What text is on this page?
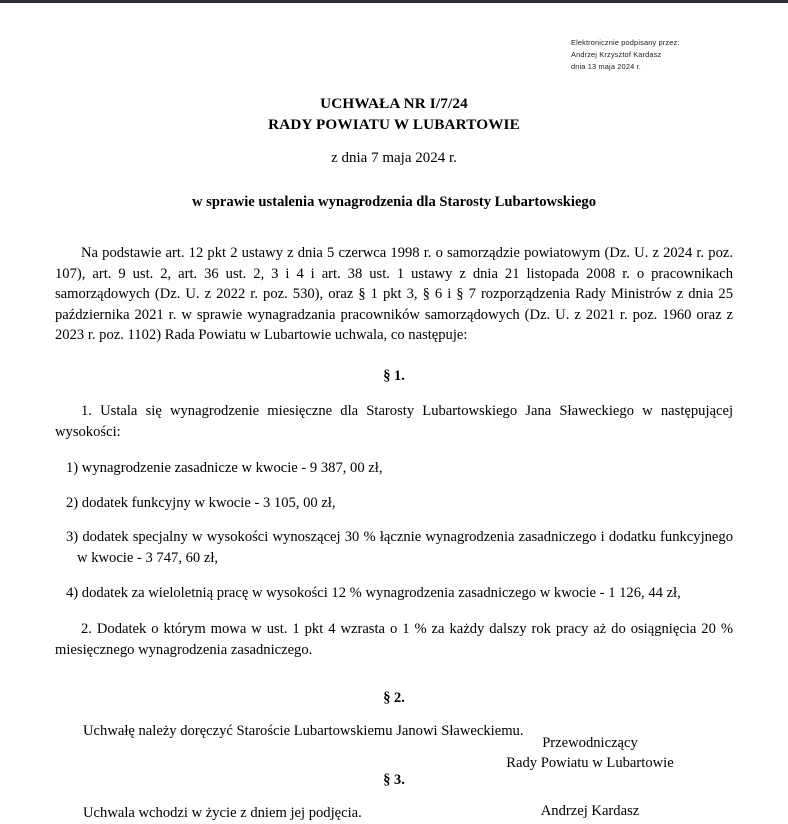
Elektronicznie podpisany przez:
Andrzej Krzysztof Kardasz
dnia 13 maja 2024 r.
UCHWAŁA NR I/7/24
RADY POWIATU W LUBARTOWIE
z dnia 7 maja 2024 r.
w sprawie ustalenia wynagrodzenia dla Starosty Lubartowskiego
Na podstawie art. 12 pkt 2 ustawy z dnia 5 czerwca 1998 r. o samorządzie powiatowym (Dz. U. z 2024 r. poz. 107), art. 9 ust. 2, art. 36 ust. 2, 3 i 4 i art. 38 ust. 1 ustawy z dnia 21 listopada 2008 r. o pracownikach samorządowych (Dz. U. z 2022 r. poz. 530), oraz § 1 pkt 3, § 6 i § 7 rozporządzenia Rady Ministrów z dnia 25 października 2021 r. w sprawie wynagradzania pracowników samorządowych (Dz. U. z 2021 r. poz. 1960 oraz z 2023 r. poz. 1102) Rada Powiatu w Lubartowie uchwala, co następuje:
§ 1.
1. Ustala się wynagrodzenie miesięczne dla Starosty Lubartowskiego Jana Sławeckiego w następującej wysokości:
1) wynagrodzenie zasadnicze w kwocie - 9 387, 00 zł,
2) dodatek funkcyjny w kwocie - 3 105, 00 zł,
3) dodatek specjalny w wysokości wynoszącej 30 % łącznie wynagrodzenia zasadniczego i dodatku funkcyjnego w kwocie - 3 747, 60 zł,
4) dodatek za wieloletnią pracę w wysokości 12 % wynagrodzenia zasadniczego w kwocie - 1 126, 44 zł,
2. Dodatek o którym mowa w ust. 1 pkt 4 wzrasta o 1 % za każdy dalszy rok pracy aż do osiągnięcia 20 % miesięcznego wynagrodzenia zasadniczego.
§ 2.
Uchwałę należy doręczyć Staroście Lubartowskiemu Janowi Sławeckiemu.
§ 3.
Uchwala wchodzi w życie z dniem jej podjęcia.
Przewodniczący
Rady Powiatu w Lubartowie
Andrzej Kardasz
